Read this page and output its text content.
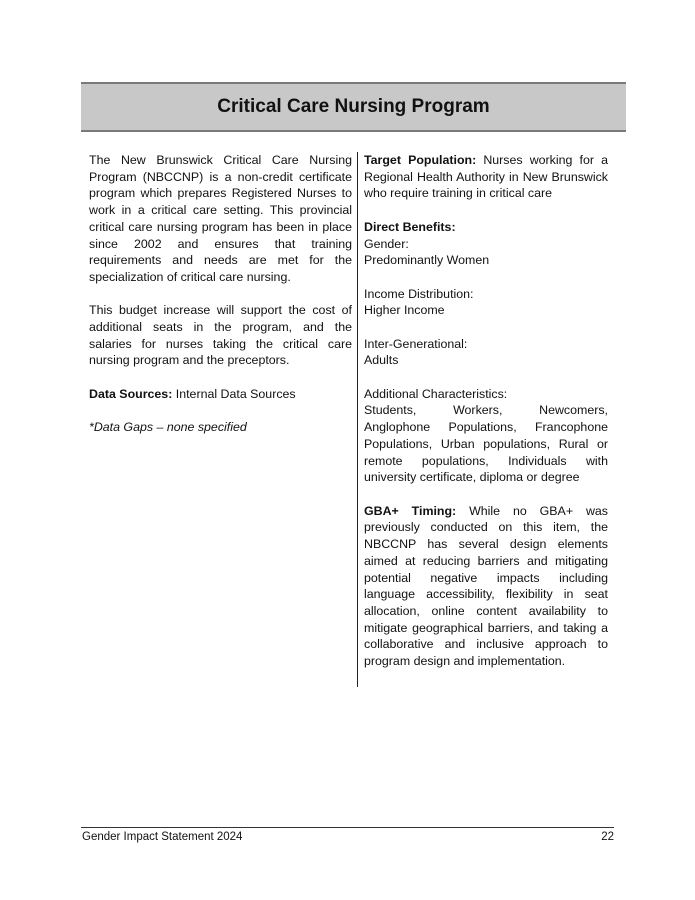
Critical Care Nursing Program

The New Brunswick Critical Care Nursing Program (NBCCNP) is a non-credit certificate program which prepares Registered Nurses to work in a critical care setting. This provincial critical care nursing program has been in place since 2002 and ensures that training requirements and needs are met for the specialization of critical care nursing.

This budget increase will support the cost of additional seats in the program, and the salaries for nurses taking the critical care nursing program and the preceptors.

Data Sources: Internal Data Sources

*Data Gaps – none specified

Target Population: Nurses working for a Regional Health Authority in New Brunswick who require training in critical care

Direct Benefits:

Gender:

Predominantly Women

Income Distribution:

Higher Income

Inter-Generational:

Adults

Additional Characteristics:

Students, Workers, Newcomers, Anglophone Populations, Francophone Populations, Urban populations, Rural or remote populations, Individuals with university certificate, diploma or degree

GBA+ Timing: While no GBA+ was previously conducted on this item, the NBCCNP has several design elements aimed at reducing barriers and mitigating potential negative impacts including language accessibility, flexibility in seat allocation, online content availability to mitigate geographical barriers, and taking a collaborative and inclusive approach to program design and implementation.

Gender Impact Statement 2024	22
